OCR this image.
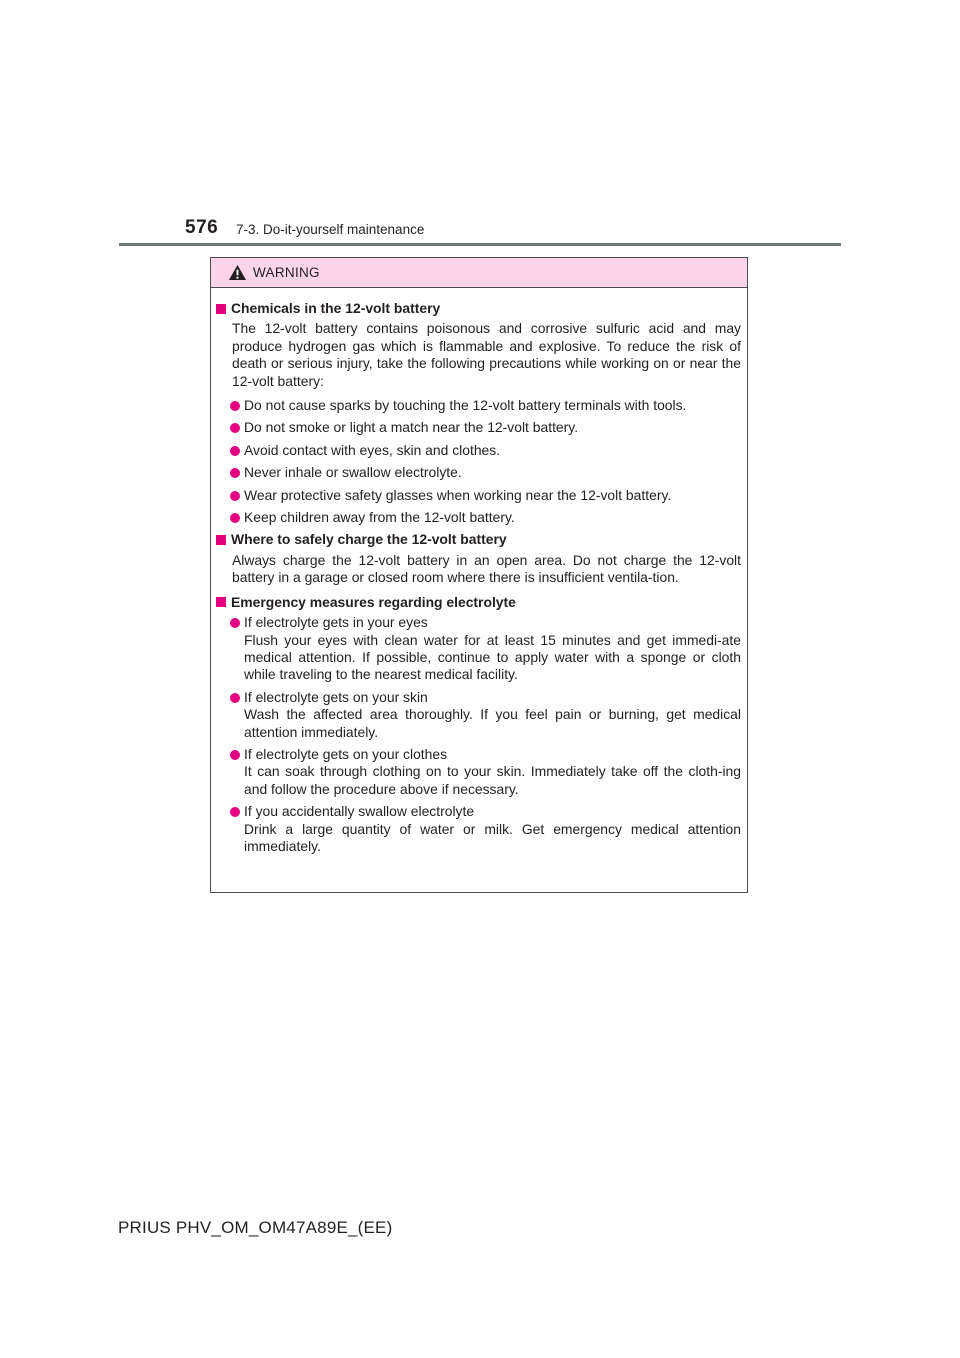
576 7-3. Do-it-yourself maintenance
WARNING
Chemicals in the 12-volt battery
The 12-volt battery contains poisonous and corrosive sulfuric acid and may produce hydrogen gas which is flammable and explosive. To reduce the risk of death or serious injury, take the following precautions while working on or near the 12-volt battery:
Do not cause sparks by touching the 12-volt battery terminals with tools.
Do not smoke or light a match near the 12-volt battery.
Avoid contact with eyes, skin and clothes.
Never inhale or swallow electrolyte.
Wear protective safety glasses when working near the 12-volt battery.
Keep children away from the 12-volt battery.
Where to safely charge the 12-volt battery
Always charge the 12-volt battery in an open area. Do not charge the 12-volt battery in a garage or closed room where there is insufficient ventila-tion.
Emergency measures regarding electrolyte
If electrolyte gets in your eyes
Flush your eyes with clean water for at least 15 minutes and get immedi-ate medical attention. If possible, continue to apply water with a sponge or cloth while traveling to the nearest medical facility.
If electrolyte gets on your skin
Wash the affected area thoroughly. If you feel pain or burning, get medical attention immediately.
If electrolyte gets on your clothes
It can soak through clothing on to your skin. Immediately take off the cloth-ing and follow the procedure above if necessary.
If you accidentally swallow electrolyte
Drink a large quantity of water or milk. Get emergency medical attention immediately.
PRIUS PHV_OM_OM47A89E_(EE)
